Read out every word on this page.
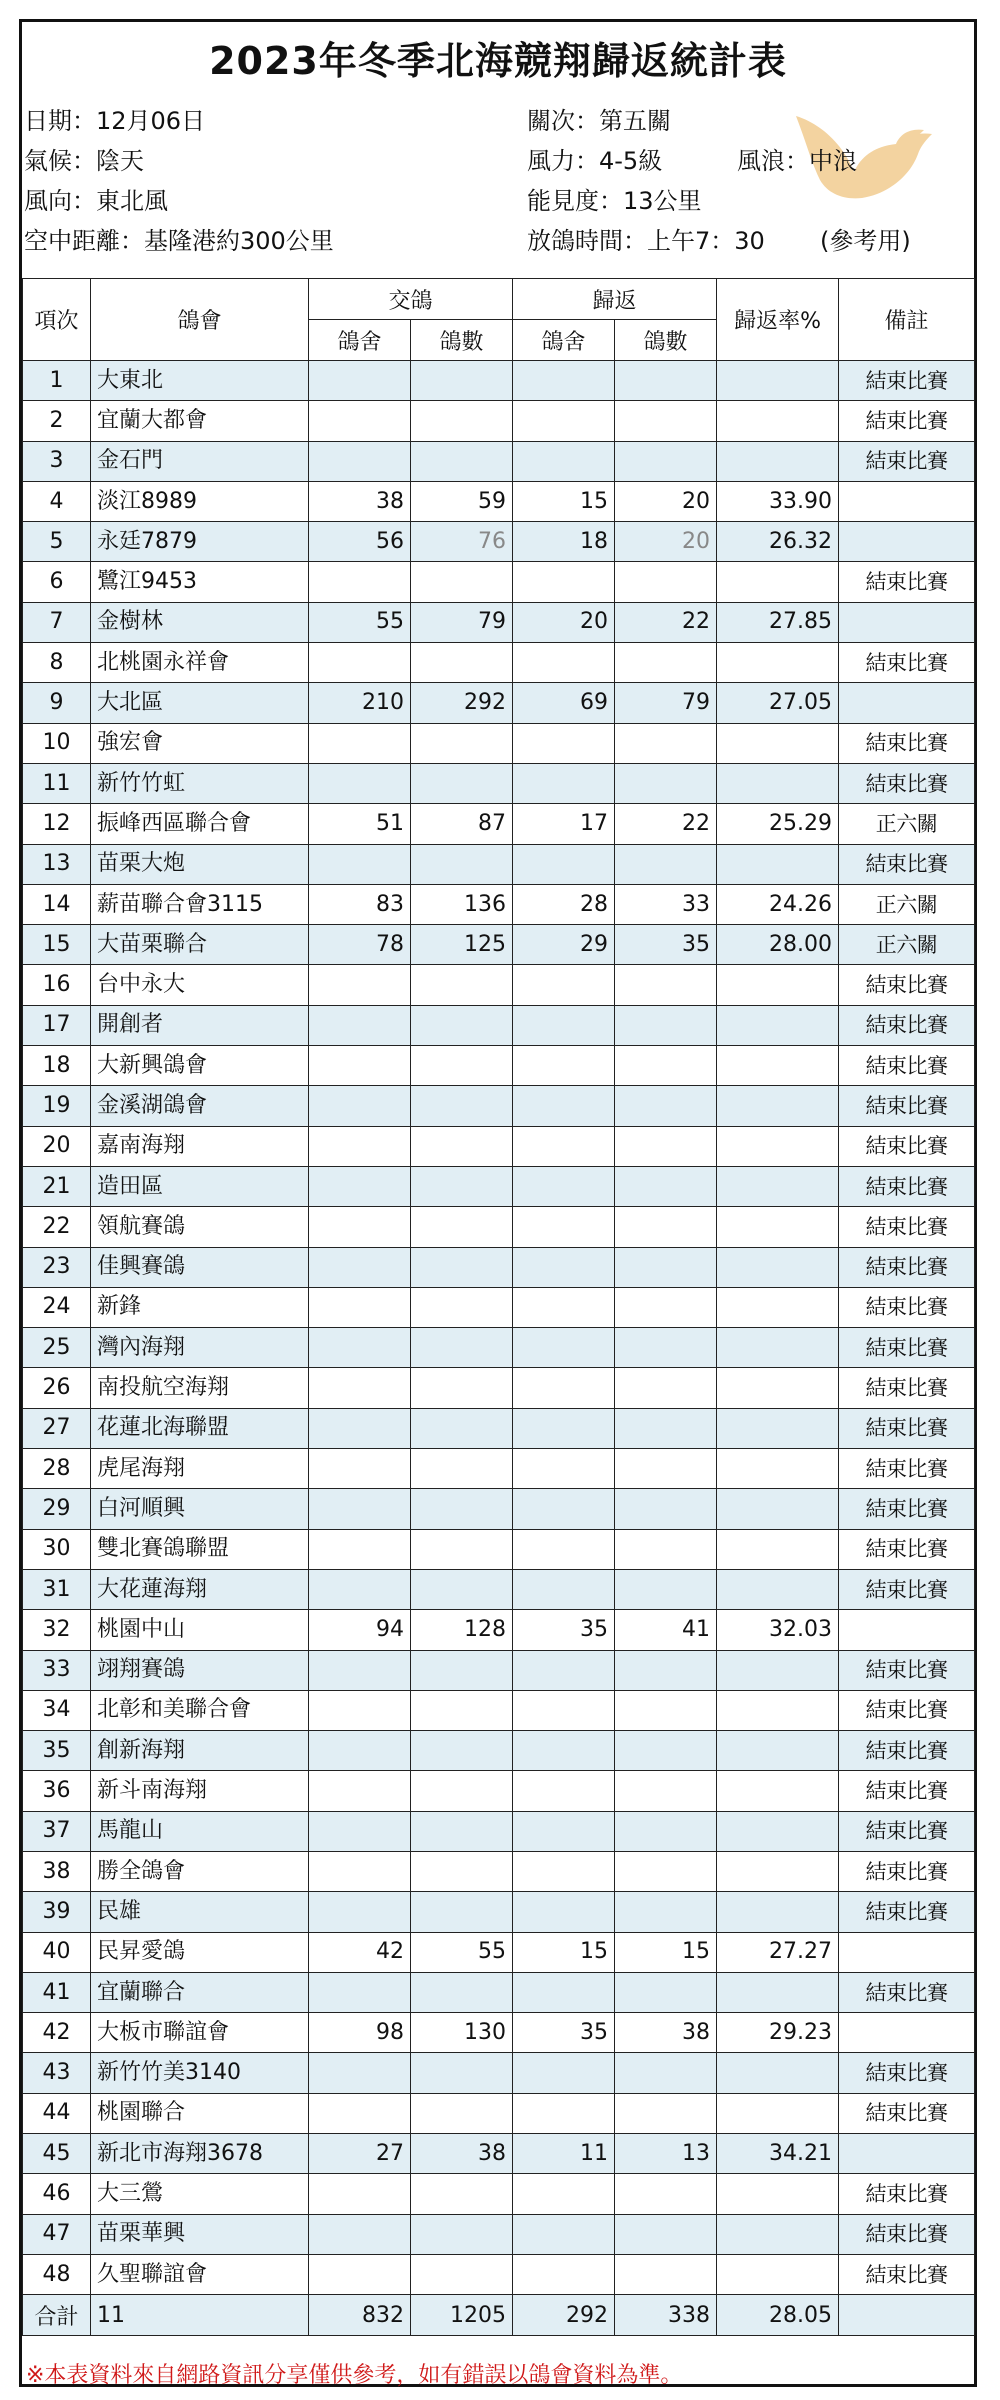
2023年冬季北海競翔歸返統計表
日期：12月06日
氣候：陰天
風向：東北風
空中距離：基隆港約300公里
關次：第五關
風力：4-5級	風浪：中浪
能見度：13公里
放鴿時間：上午7：30 (參考用)
項次	鴿會	交鴿		歸返		歸返率%	備註
		鴿舍	鴿數	鴿舍	鴿數		
1	大東北						結束比賽
2	宜蘭大都會						結束比賽
3	金石門						結束比賽
4	淡江8989	38	59	15	20	33.90	
5	永廷7879	56	76	18	20	26.32	
6	鷺江9453						結束比賽
7	金樹林	55	79	20	22	27.85	
8	北桃園永祥會						結束比賽
9	大北區	210	292	69	79	27.05	
10	強宏會						結束比賽
11	新竹竹虹						結束比賽
12	振峰西區聯合會	51	87	17	22	25.29	正六關
13	苗栗大炮						結束比賽
14	薪苗聯合會3115	83	136	28	33	24.26	正六關
15	大苗栗聯合	78	125	29	35	28.00	正六關
16	台中永大						結束比賽
17	開創者						結束比賽
18	大新興鴿會						結束比賽
19	金溪湖鴿會						結束比賽
20	嘉南海翔						結束比賽
21	造田區						結束比賽
22	領航賽鴿						結束比賽
23	佳興賽鴿						結束比賽
24	新鋒						結束比賽
25	灣內海翔						結束比賽
26	南投航空海翔						結束比賽
27	花蓮北海聯盟						結束比賽
28	虎尾海翔						結束比賽
29	白河順興						結束比賽
30	雙北賽鴿聯盟						結束比賽
31	大花蓮海翔						結束比賽
32	桃園中山	94	128	35	41	32.03	
33	翊翔賽鴿						結束比賽
34	北彰和美聯合會						結束比賽
35	創新海翔						結束比賽
36	新斗南海翔						結束比賽
37	馬龍山						結束比賽
38	勝全鴿會						結束比賽
39	民雄						結束比賽
40	民昇愛鴿	42	55	15	15	27.27	
41	宜蘭聯合						結束比賽
42	大板市聯誼會	98	130	35	38	29.23	
43	新竹竹美3140						結束比賽
44	桃園聯合						結束比賽
45	新北市海翔3678	27	38	11	13	34.21	
46	大三鶯						結束比賽
47	苗栗華興						結束比賽
48	久聖聯誼會						結束比賽
合計	11	832	1205	292	338	28.05	
※本表資料來自網路資訊分享僅供參考，如有錯誤以鴿會資料為準。
